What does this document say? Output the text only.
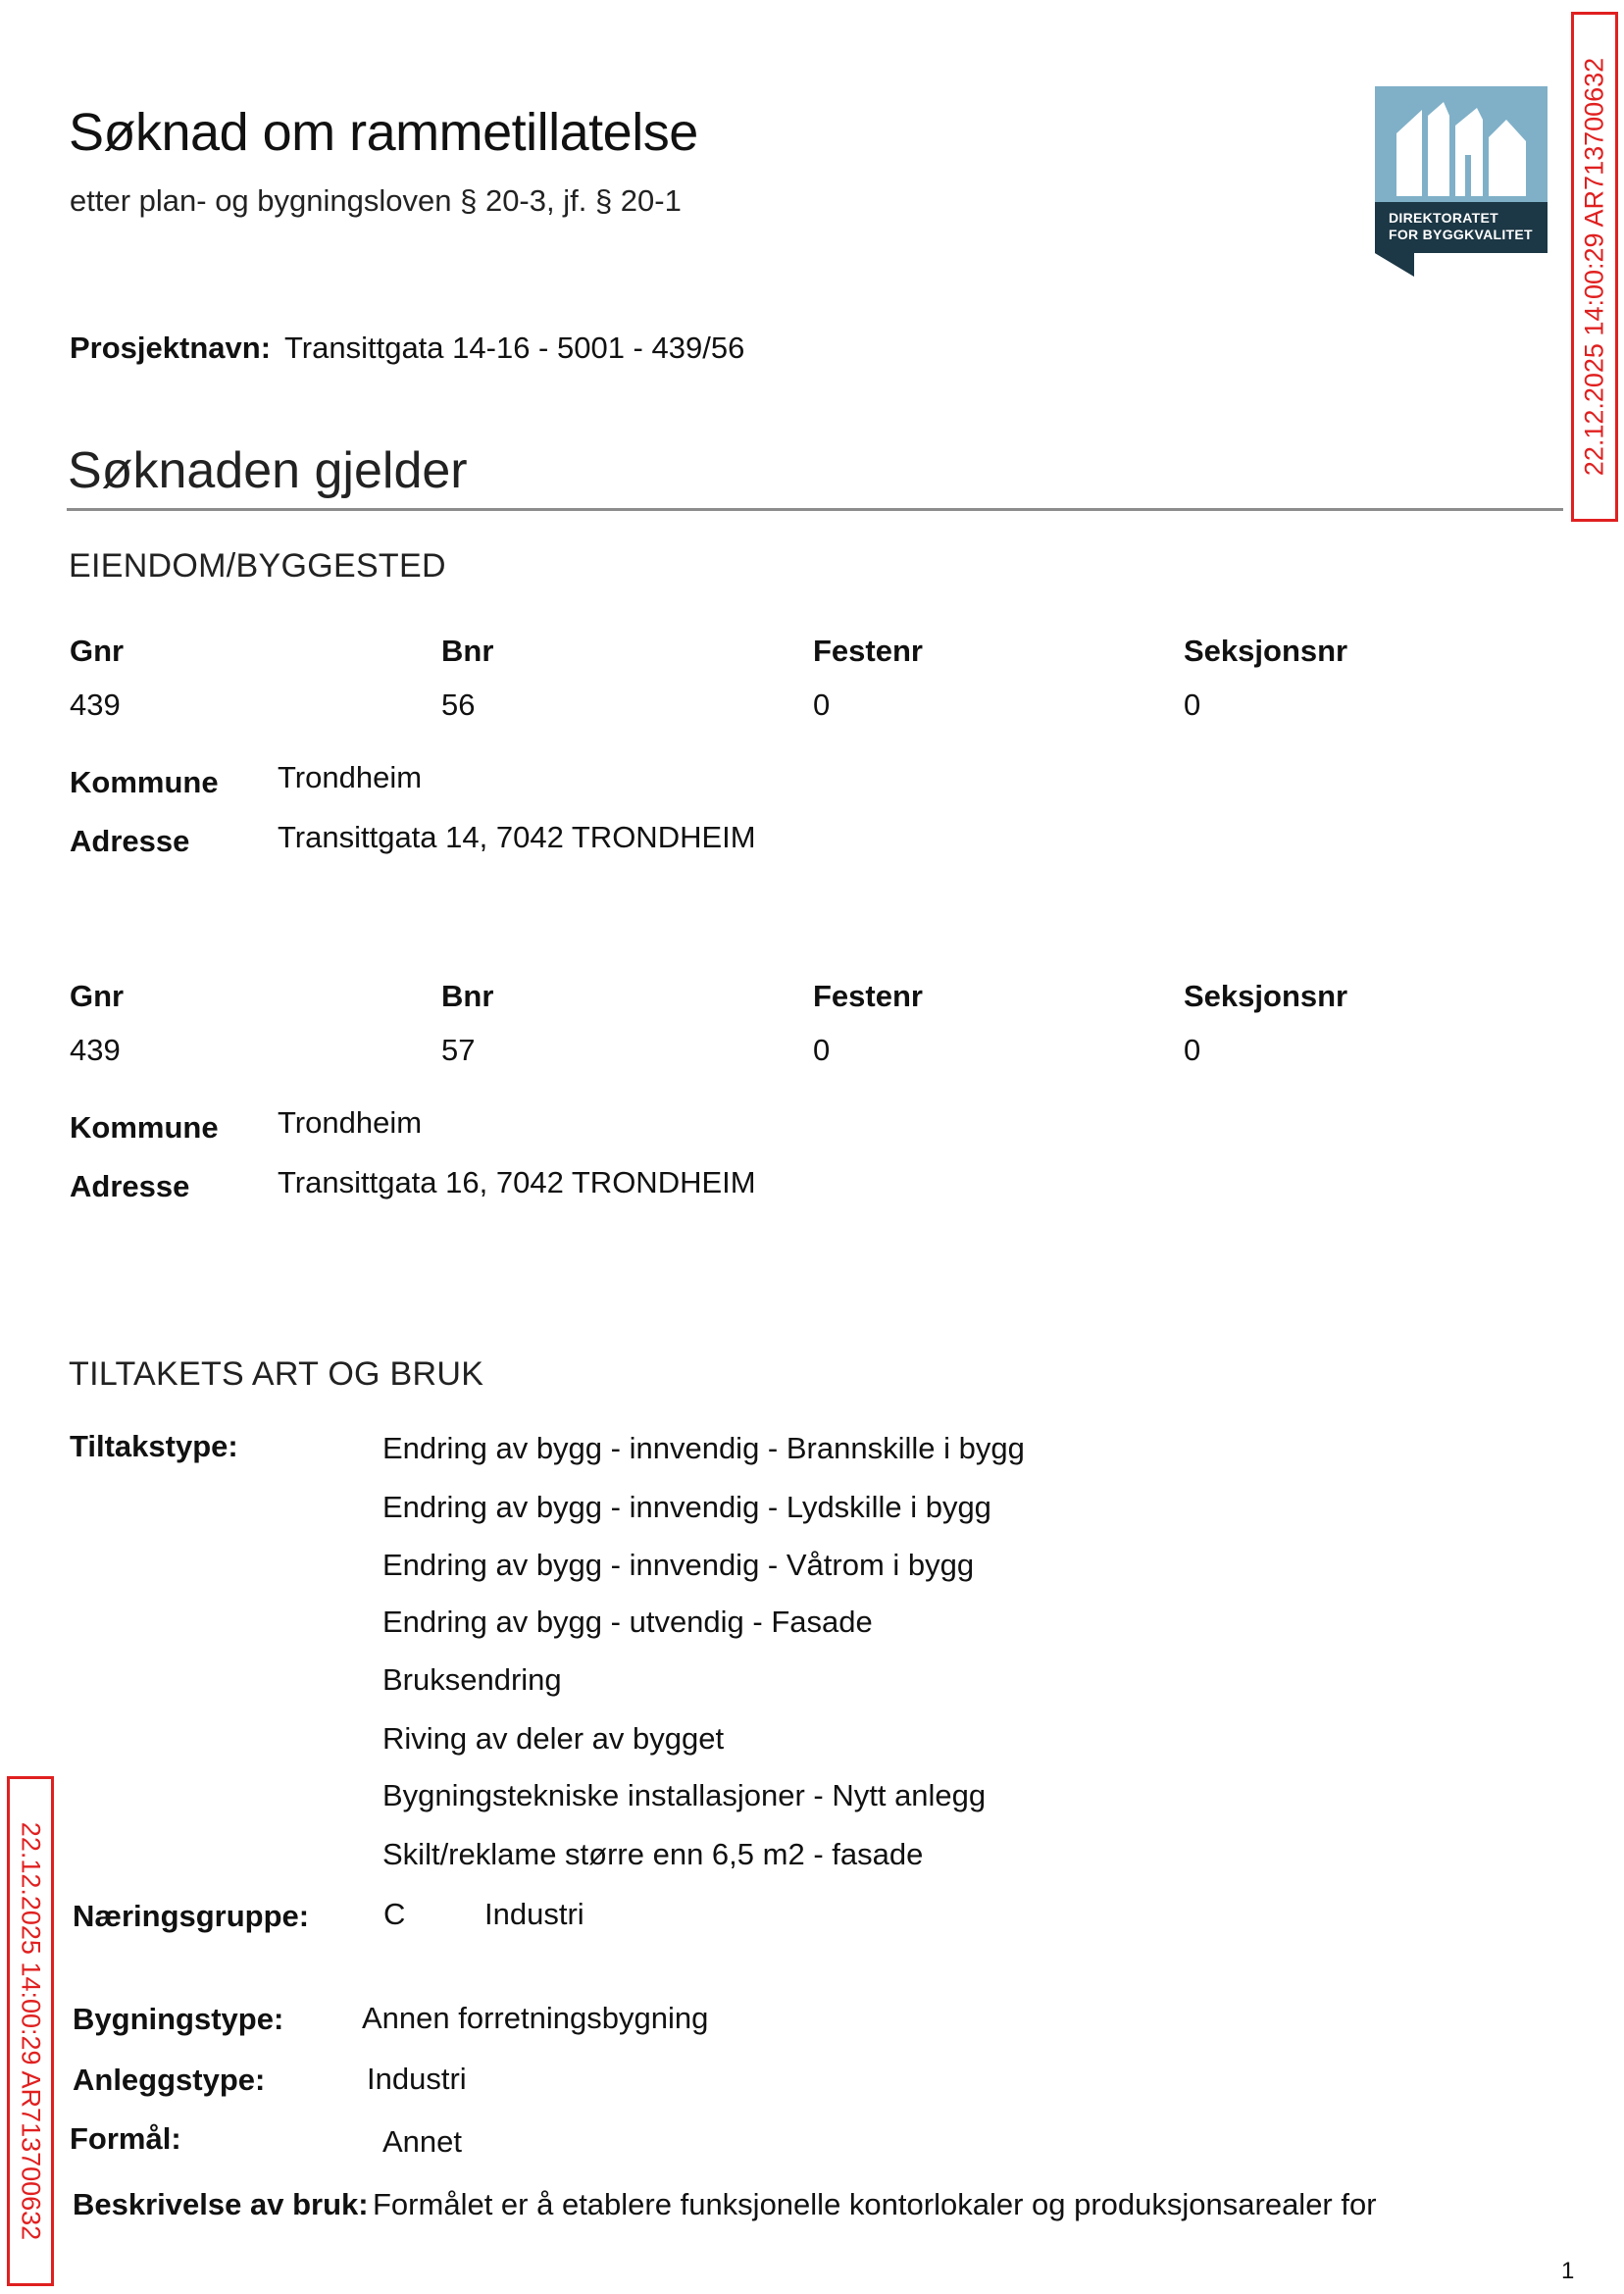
Søknad om rammetillatelse
etter plan- og bygningsloven § 20-3, jf. § 20-1	DIREKTORATET
FOR BYGGKVALITET 22.12.2025 14:00:29 AR713700632
22.12.2025 14:00:29 AR713700632
Prosjektnavn: Transittgata 14-16 - 5001 - 439/56
Søknaden gjelder
EIENDOM/BYGGESTED
Gnr	Bnr	Festenr	Seksjonsnr
439	56	0	0
Kommune Trondheim
Adresse	Transittgata 14, 7042 TRONDHEIM
Gnr	Bnr	Festenr	Seksjonsnr
439	57	0	0
Kommune Trondheim
Adresse	Transittgata 16, 7042 TRONDHEIM
TILTAKETS ART OG BRUK
Tiltakstype:	Endring av bygg - innvendig - Brannskille i bygg
Endring av bygg - innvendig - Lydskille i bygg
Endring av bygg - innvendig - Våtrom i bygg
Endring av bygg - utvendig - Fasade
Bruksendring
Riving av deler av bygget
Bygningstekniske installasjoner - Nytt anlegg
Skilt/reklame større enn 6,5 m2 - fasade
Næringsgruppe: C	Industri
Bygningstype:	Annen forretningsbygning
Anleggstype:	Industri
Formål:	Annet
Beskrivelse av bruk: Formålet er å etablere funksjonelle kontorlokaler og produksjonsarealer for
1
